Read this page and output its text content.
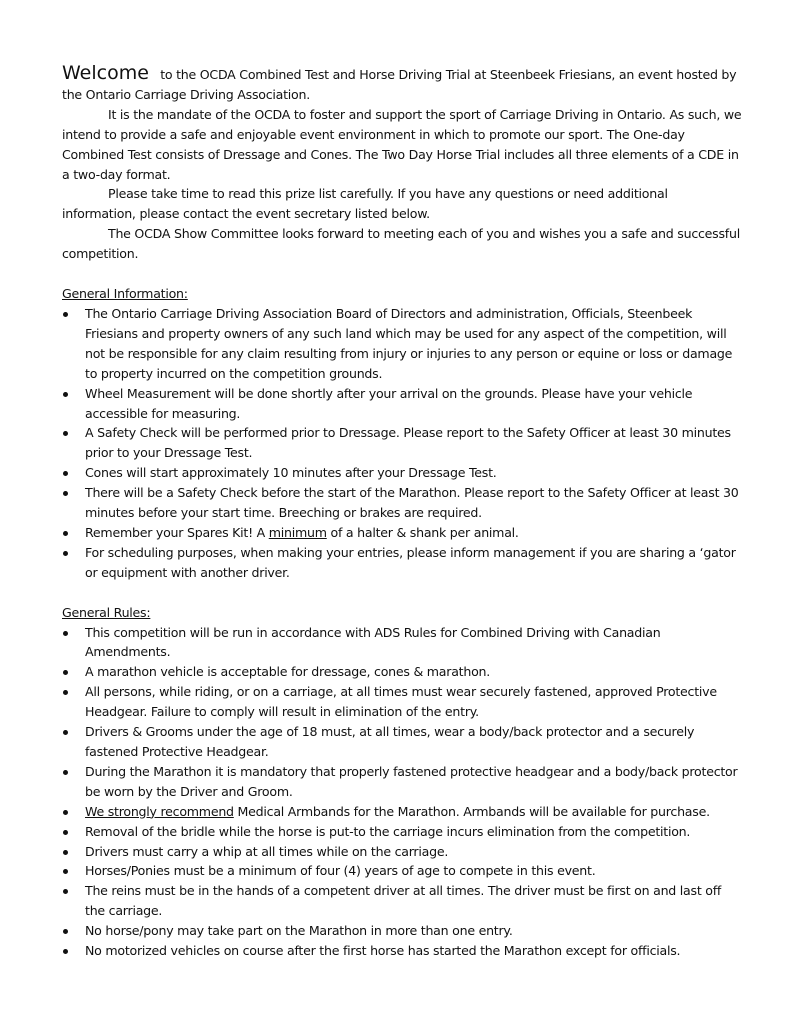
Welcome to the OCDA Combined Test and Horse Driving Trial at Steenbeek Friesians, an event hosted by the Ontario Carriage Driving Association.

It is the mandate of the OCDA to foster and support the sport of Carriage Driving in Ontario. As such, we intend to provide a safe and enjoyable event environment in which to promote our sport. The One-day Combined Test consists of Dressage and Cones. The Two Day Horse Trial includes all three elements of a CDE in a two-day format.

Please take time to read this prize list carefully. If you have any questions or need additional information, please contact the event secretary listed below.

The OCDA Show Committee looks forward to meeting each of you and wishes you a safe and successful competition.

General Information:

The Ontario Carriage Driving Association Board of Directors and administration, Officials, Steenbeek Friesians and property owners of any such land which may be used for any aspect of the competition, will not be responsible for any claim resulting from injury or injuries to any person or equine or loss or damage to property incurred on the competition grounds.
Wheel Measurement will be done shortly after your arrival on the grounds. Please have your vehicle accessible for measuring.
A Safety Check will be performed prior to Dressage. Please report to the Safety Officer at least 30 minutes prior to your Dressage Test.
Cones will start approximately 10 minutes after your Dressage Test.
There will be a Safety Check before the start of the Marathon. Please report to the Safety Officer at least 30 minutes before your start time. Breeching or brakes are required.
Remember your Spares Kit! A minimum of a halter & shank per animal.
For scheduling purposes, when making your entries, please inform management if you are sharing a ‘gator or equipment with another driver.

General Rules:

This competition will be run in accordance with ADS Rules for Combined Driving with Canadian Amendments.
A marathon vehicle is acceptable for dressage, cones & marathon.
All persons, while riding, or on a carriage, at all times must wear securely fastened, approved Protective Headgear. Failure to comply will result in elimination of the entry.
Drivers & Grooms under the age of 18 must, at all times, wear a body/back protector and a securely fastened Protective Headgear.
During the Marathon it is mandatory that properly fastened protective headgear and a body/back protector be worn by the Driver and Groom.
We strongly recommend Medical Armbands for the Marathon. Armbands will be available for purchase.
Removal of the bridle while the horse is put-to the carriage incurs elimination from the competition.
Drivers must carry a whip at all times while on the carriage.
Horses/Ponies must be a minimum of four (4) years of age to compete in this event.
The reins must be in the hands of a competent driver at all times. The driver must be first on and last off the carriage.
No horse/pony may take part on the Marathon in more than one entry.
No motorized vehicles on course after the first horse has started the Marathon except for officials.
